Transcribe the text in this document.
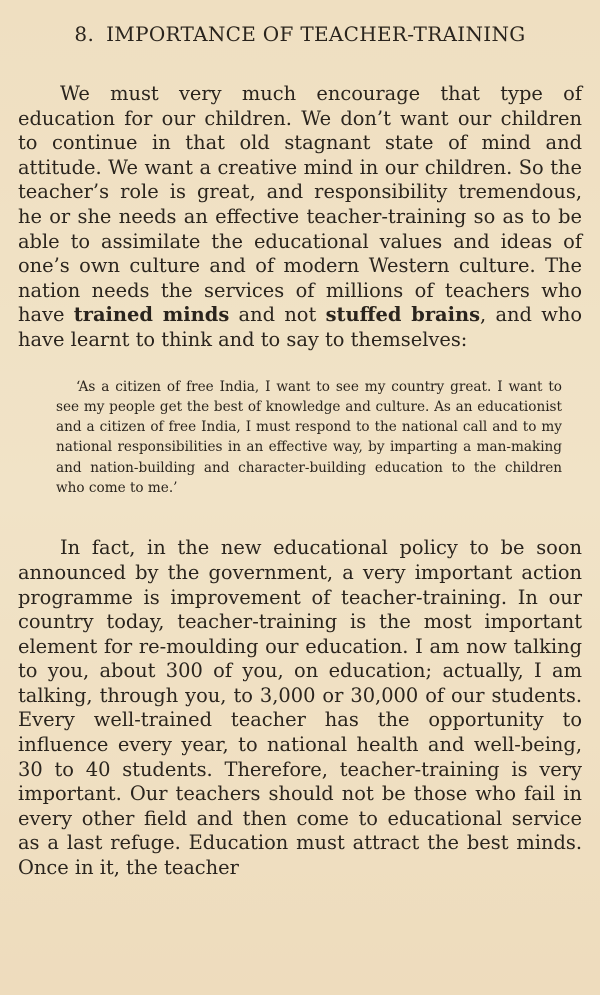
8. IMPORTANCE OF TEACHER-TRAINING

We must very much encourage that type of education for our children. We don’t want our children to continue in that old stagnant state of mind and attitude. We want a creative mind in our children. So the teacher’s role is great, and responsibility tremendous, he or she needs an effective teacher-training so as to be able to assimilate the educational values and ideas of one’s own culture and of modern Western culture. The nation needs the services of millions of teachers who have trained minds and not stuffed brains, and who have learnt to think and to say to themselves:

‘As a citizen of free India, I want to see my country great. I want to see my people get the best of knowledge and culture. As an educationist and a citizen of free India, I must respond to the national call and to my national responsibilities in an effective way, by imparting a man-making and nation-building and character-building education to the children who come to me.’

In fact, in the new educational policy to be soon announced by the government, a very important action programme is improvement of teacher-training. In our country today, teacher-training is the most important element for re-moulding our education. I am now talking to you, about 300 of you, on education; actually, I am talking, through you, to 3,000 or 30,000 of our students. Every well-trained teacher has the opportunity to influence every year, to national health and well-being, 30 to 40 students. Therefore, teacher-training is very important. Our teachers should not be those who fail in every other field and then come to educational service as a last refuge. Education must attract the best minds. Once in it, the teacher
